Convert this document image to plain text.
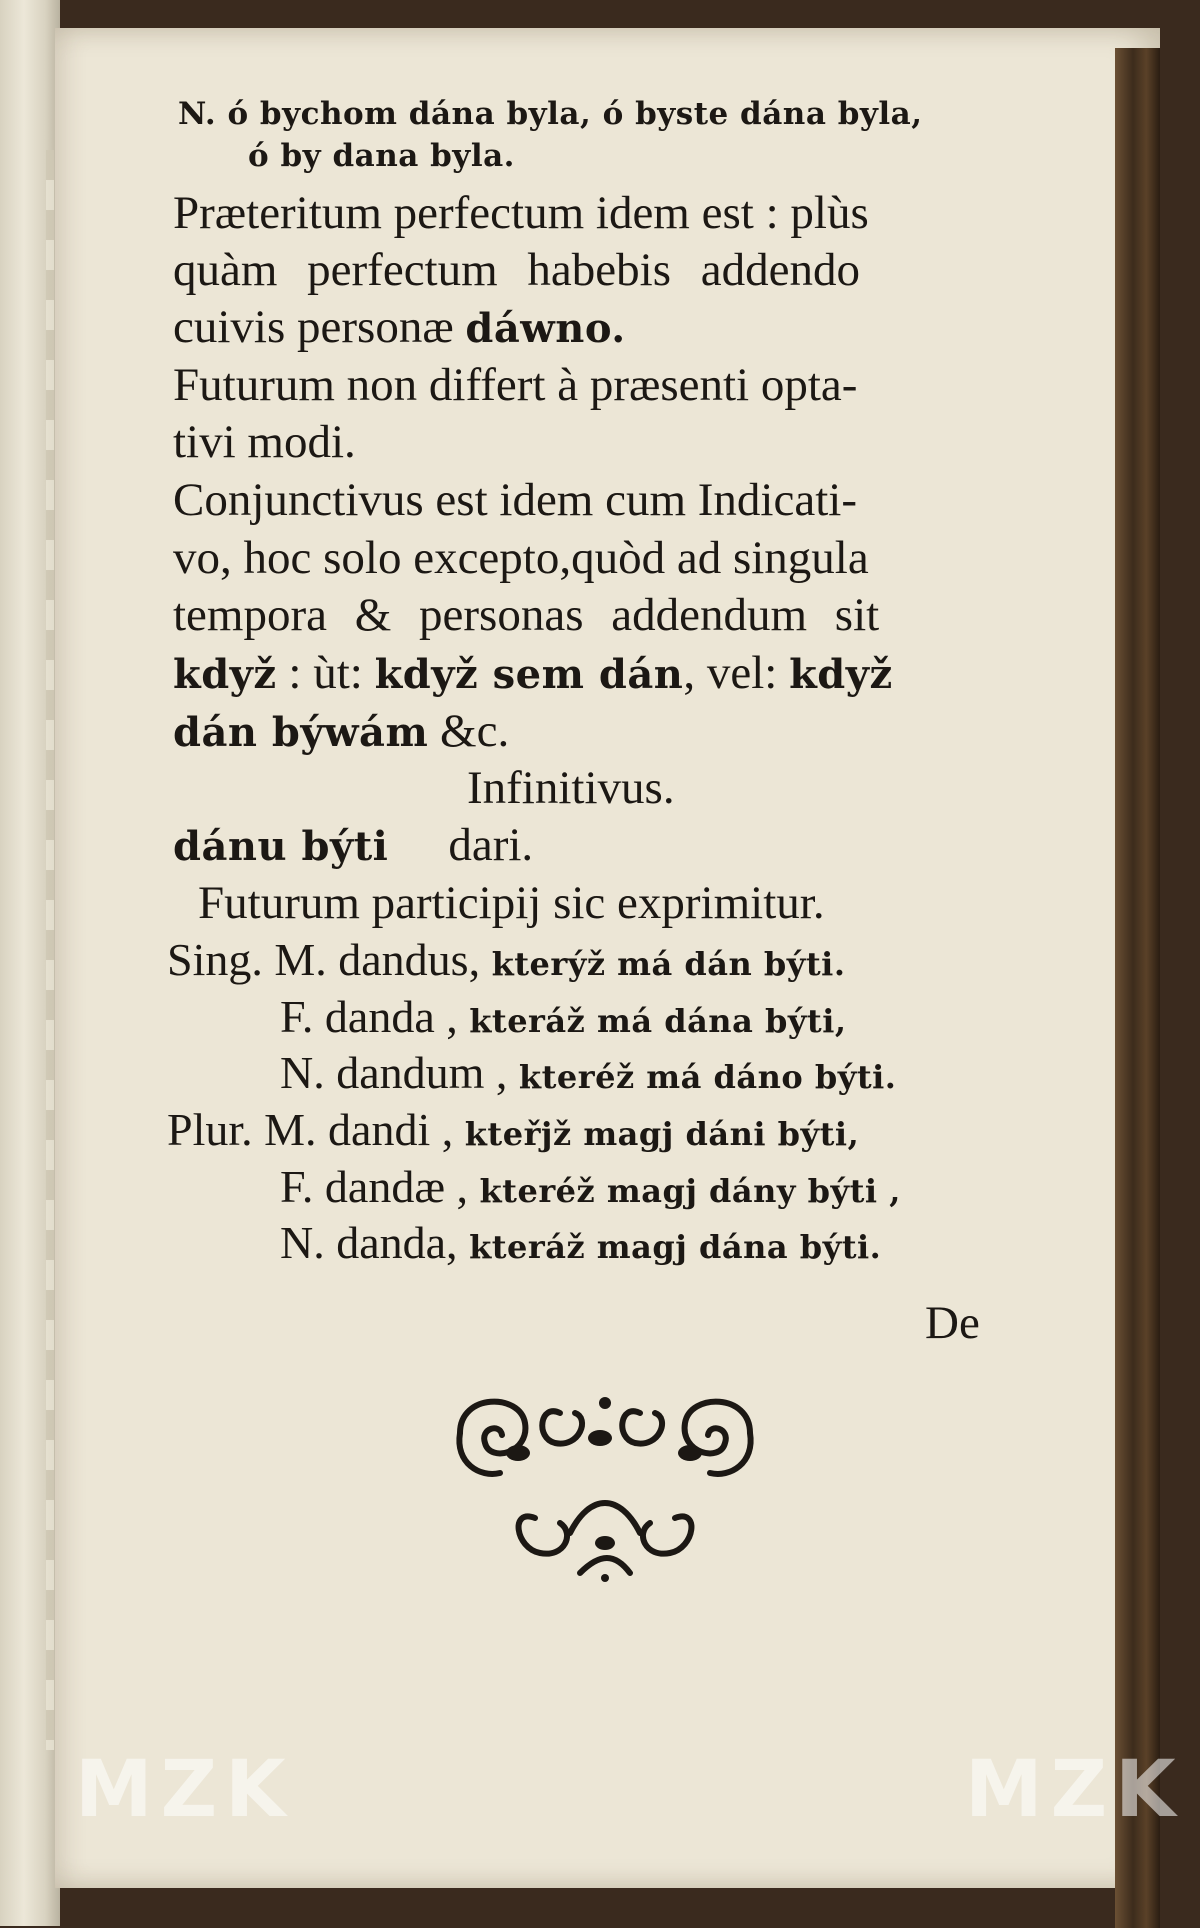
N. ó bychom dána byla, ó byste dána byla,
ó by dana byla.
Præteritum perfectum idem est : plùs
quàm perfectum habebis addendo
cuivis personæ dáwno.
Futurum non differt à præsenti opta-
tivi modi.
Conjunctivus est idem cum Indicati-
vo, hoc solo excepto,quòd ad singula
tempora & personas addendum sit
když : ùt: když sem dán, vel: když
dán býwám &c.
Infinitivus.
dánu býti dari.
Futurum participij sic exprimitur.
Sing. M. dandus, kterýž má dán býti.
F. danda , kteráž má dána býti,
N. dandum , kteréž má dáno býti.
Plur. M. dandi , kteřjž magj dáni býti,
F. dandæ , kteréž magj dány býti ,
N. danda, kteráž magj dána býti.
De
MZK	MZK
